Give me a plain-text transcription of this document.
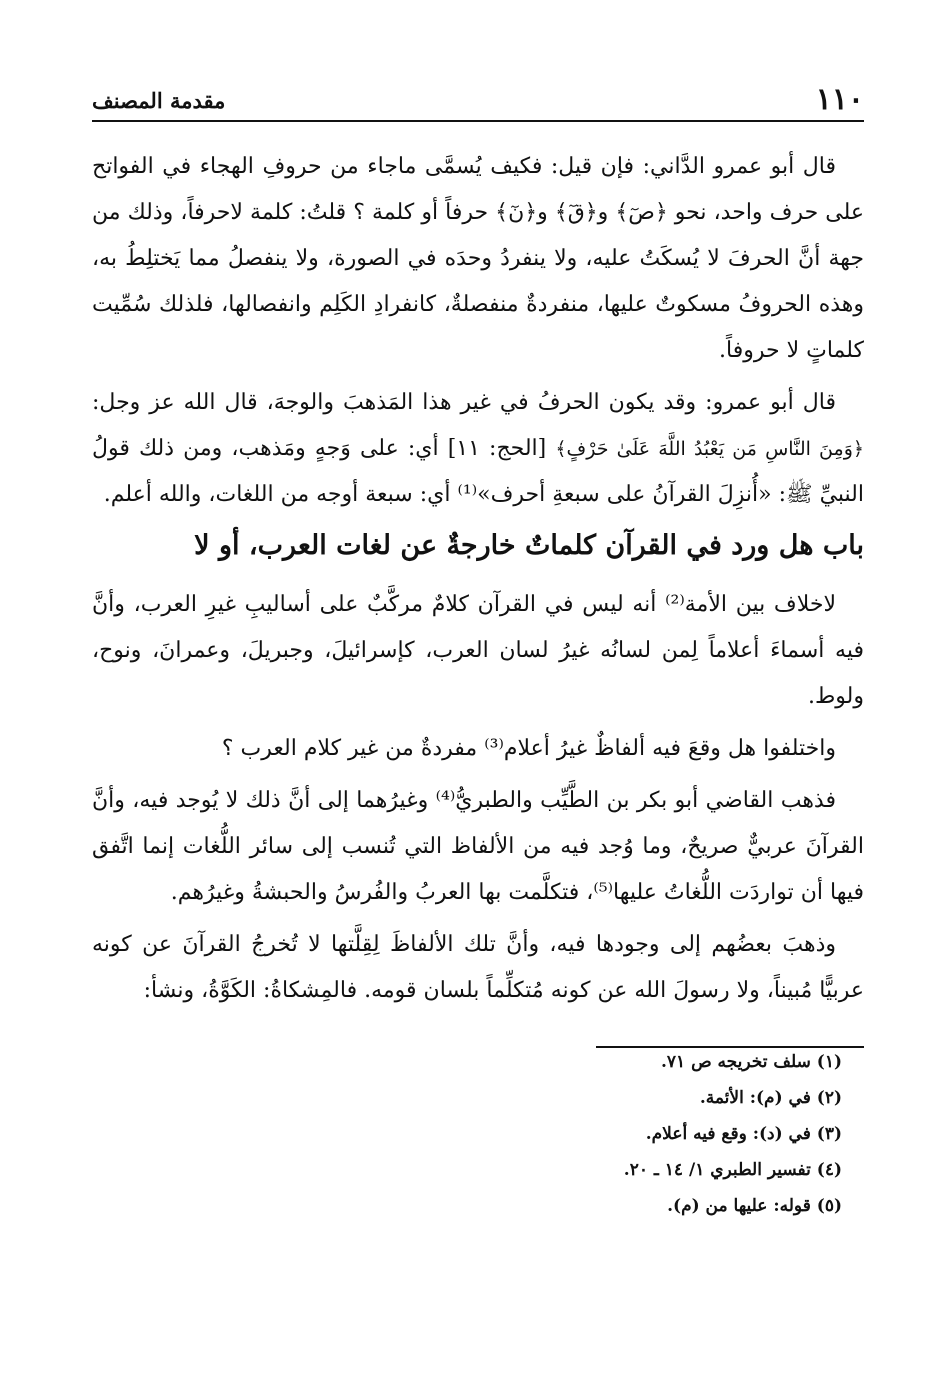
١١٠
مقدمة المصنف

قال أبو عمرو الدَّاني: فإن قيل: فكيف يُسمَّى ماجاء من حروفِ الهجاء في الفواتح على حرف واحد، نحو ﴿صٓ﴾ و﴿قٓ﴾ و﴿نٓ﴾ حرفاً أو كلمة ؟ قلتُ: كلمة لاحرفاً، وذلك من جهة أنَّ الحرفَ لا يُسكَتُ عليه، ولا ينفردُ وحدَه في الصورة، ولا ينفصلُ مما يَختلِطُ به، وهذه الحروفُ مسكوتٌ عليها، منفردةٌ منفصلةٌ، كانفرادِ الكَلِم وانفصالها، فلذلك سُمِّيت كلماتٍ لا حروفاً.

قال أبو عمرو: وقد يكون الحرفُ في غير هذا المَذهبَ والوجهَ، قال الله عز وجل: ﴿وَمِنَ النَّاسِ مَن يَعْبُدُ اللَّهَ عَلَىٰ حَرْفٍ﴾ [الحج: ١١] أي: على وَجهٍ ومَذهب، ومن ذلك قولُ النبيِّ ﷺ: «أُنزِلَ القرآنُ على سبعةِ أحرف»⁽¹⁾ أي: سبعة أوجه من اللغات، والله أعلم.

باب هل ورد في القرآن كلماتٌ خارجةٌ عن لغات العرب، أو لا

لاخلاف بين الأمة⁽²⁾ أنه ليس في القرآن كلامٌ مركَّبٌ على أساليبِ غيرِ العرب، وأنَّ فيه أسماءَ أعلاماً لِمن لسانُه غيرُ لسان العرب، كإسرائيلَ، وجبريلَ، وعمرانَ، ونوح، ولوط.

واختلفوا هل وقعَ فيه ألفاظٌ غيرُ أعلام⁽³⁾ مفردةٌ من غير كلام العرب ؟

فذهب القاضي أبو بكر بن الطَّيِّب والطبريُّ⁽⁴⁾ وغيرُهما إلى أنَّ ذلك لا يُوجد فيه، وأنَّ القرآنَ عربيٌّ صريحٌ، وما وُجد فيه من الألفاظ التي تُنسب إلى سائر اللُّغات إنما اتَّفق فيها أن تواردَت اللُّغاتُ عليها⁽⁵⁾، فتكلَّمت بها العربُ والفُرسُ والحبشةُ وغيرُهم.

وذهبَ بعضُهم إلى وجودها فيه، وأنَّ تلك الألفاظَ لِقِلَّتها لا تُخرجُ القرآنَ عن كونه عربيًّا مُبيناً، ولا رسولَ الله عن كونه مُتكلِّماً بلسان قومه. فالمِشكاةُ: الكَوَّةُ، ونشأ:

(١) سلف تخريجه ص ٧١.
(٢) في (م): الأئمة.
(٣) في (د): وقع فيه أعلام.
(٤) تفسير الطبري ١/ ١٤ ـ ٢٠.
(٥) قوله: عليها من (م).
